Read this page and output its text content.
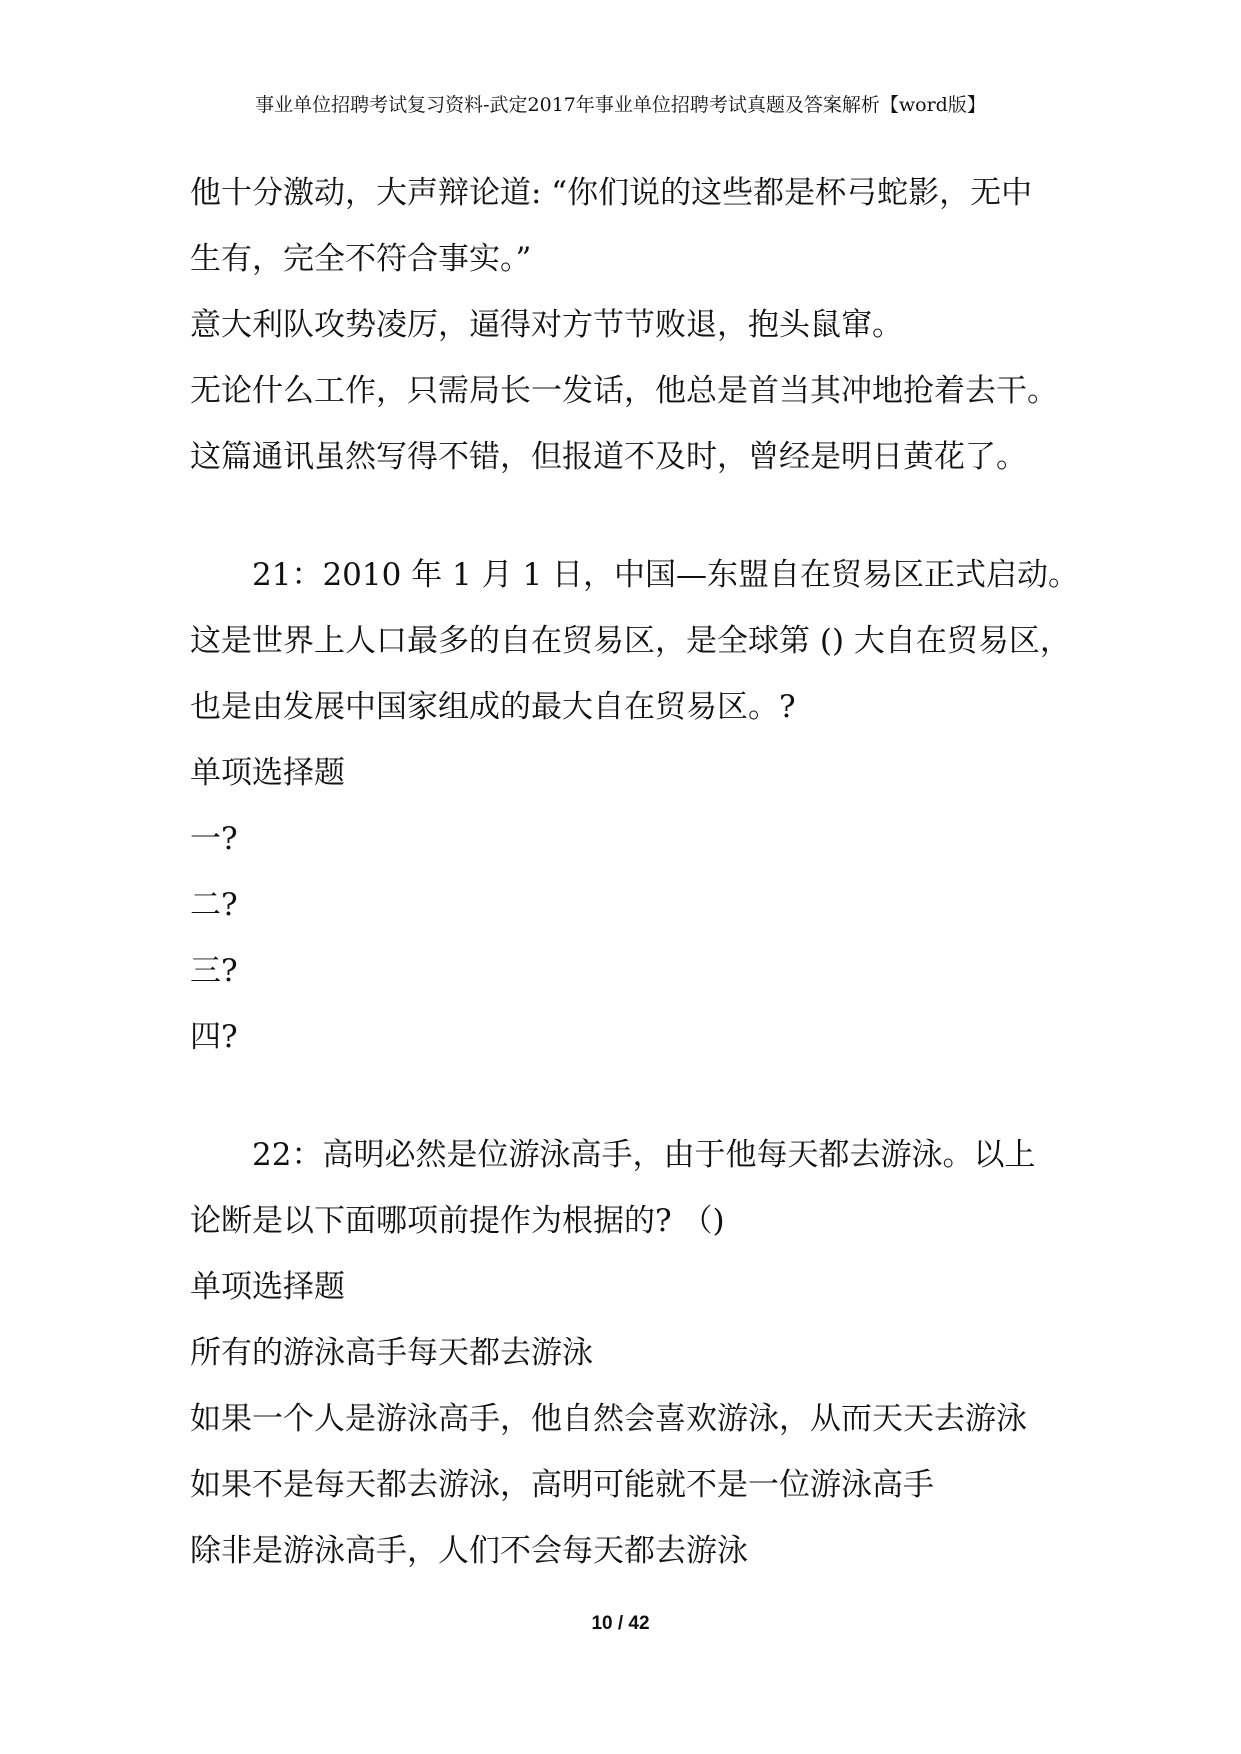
事业单位招聘考试复习资料-武定2017年事业单位招聘考试真题及答案解析【word版】
他十分激动，大声辩论道: “你们说的这些都是杯弓蛇影，无中
生有，完全不符合事实。”
意大利队攻势凌厉，逼得对方节节败退，抱头鼠窜。
无论什么工作，只需局长一发话，他总是首当其冲地抢着去干。
这篇通讯虽然写得不错，但报道不及时，曾经是明日黄花了。
21：2010 年 1 月 1 日，中国—东盟自在贸易区正式启动。
这是世界上人口最多的自在贸易区，是全球第 () 大自在贸易区，
也是由发展中国家组成的最大自在贸易区。?
单项选择题
一?
二?
三?
四?
22：高明必然是位游泳高手，由于他每天都去游泳。以上
论断是以下面哪项前提作为根据的? （)
单项选择题
所有的游泳高手每天都去游泳
如果一个人是游泳高手，他自然会喜欢游泳，从而天天去游泳
如果不是每天都去游泳，高明可能就不是一位游泳高手
除非是游泳高手，人们不会每天都去游泳
10 / 42
